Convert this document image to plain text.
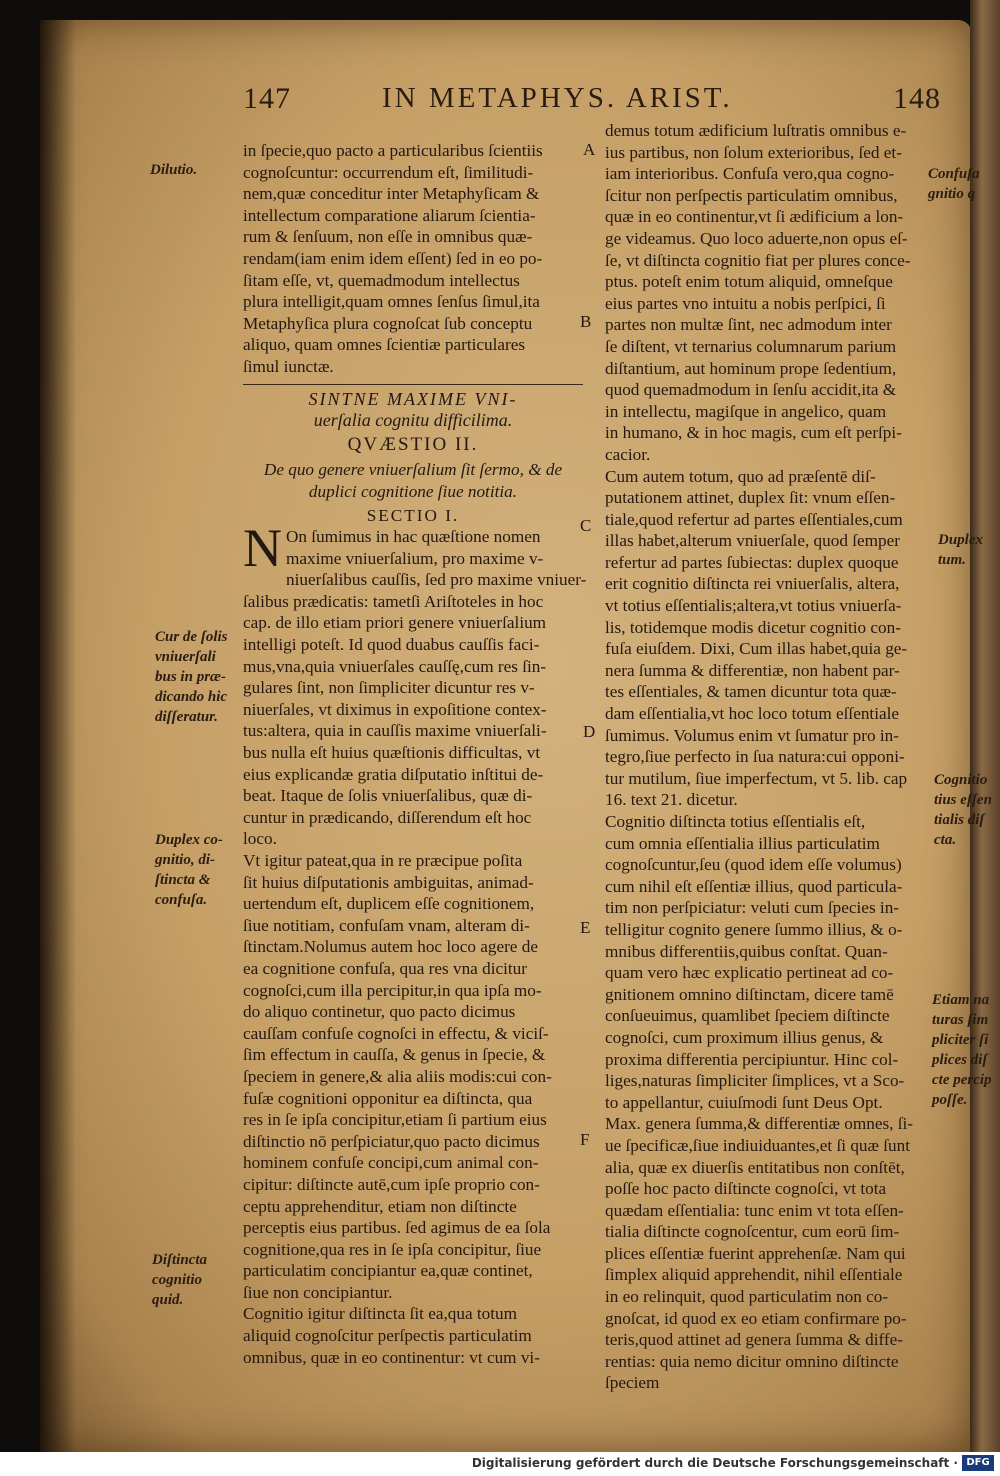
147	IN METAPHYS. ARIST.	148
in ſpecie,quo pacto a particularibus ſcientiis
cognoſcuntur: occurrendum eſt, ſimilitudi-
nem,quæ conceditur inter Metaphyſicam &
intellectum comparatione aliarum ſcientia-
rum & ſenſuum, non eſſe in omnibus quæ-
rendam(iam enim idem eſſent) ſed in eo po-
ſitam eſſe, vt, quemadmodum intellectus
plura intelligit,quam omnes ſenſus ſimul,ita
Metaphyſica plura cognoſcat ſub conceptu
aliquo, quam omnes ſcientiæ particulares
ſimul iunctæ.
SINTNE MAXIME VNI-
uerſalia cognitu difficilima.
QVÆSTIO II.
De quo genere vniuerſalium ſit ſermo, & de
duplici cognitione ſiue notitia.
SECTIO I.
N On ſumimus in hac quæſtione nomen
maxime vniuerſalium, pro maxime v-
niuerſalibus cauſſis, ſed pro maxime vniuer-
ſalibus prædicatis: tametſi Ariſtoteles in hoc
cap. de illo etiam priori genere vniuerſalium
intelligi poteſt. Id quod duabus cauſſis faci-
mus,vna,quia vniuerſales cauſſę,cum res ſin-
gulares ſint, non ſimpliciter dicuntur res v-
niuerſales, vt diximus in expoſitione contex-
tus:altera, quia in cauſſis maxime vniuerſali-
bus nulla eſt huius quæſtionis difficultas, vt
eius explicandæ gratia diſputatio inſtitui de-
beat. Itaque de ſolis vniuerſalibus, quæ di-
cuntur in prædicando, diſſerendum eſt hoc
loco.
Vt igitur pateat,qua in re præcipue poſita
ſit huius diſputationis ambiguitas, animad-
uertendum eſt, duplicem eſſe cognitionem,
ſiue notitiam, confuſam vnam, alteram di-
ſtinctam.Nolumus autem hoc loco agere de
ea cognitione confuſa, qua res vna dicitur
cognoſci,cum illa percipitur,in qua ipſa mo-
do aliquo continetur, quo pacto dicimus
cauſſam confuſe cognoſci in effectu, & viciſ-
ſim effectum in cauſſa, & genus in ſpecie, &
ſpeciem in genere,& alia aliis modis:cui con-
fuſæ cognitioni opponitur ea diſtincta, qua
res in ſe ipſa concipitur,etiam ſi partium eius
diſtinctio nō perſpiciatur,quo pacto dicimus
hominem confuſe concipi,cum animal con-
cipitur: diſtincte autē,cum ipſe proprio con-
ceptu apprehenditur, etiam non diſtincte
perceptis eius partibus. ſed agimus de ea ſola
cognitione,qua res in ſe ipſa concipitur, ſiue
particulatim concipiantur ea,quæ continet,
ſiue non concipiantur.
Cognitio igitur diſtincta ſit ea,qua totum
aliquid cognoſcitur perſpectis particulatim
omnibus, quæ in eo continentur: vt cum vi-
demus totum ædificium luſtratis omnibus e-
ius partibus, non ſolum exterioribus, ſed et-
iam interioribus. Confuſa vero,qua cogno-
ſcitur non perſpectis particulatim omnibus,
quæ in eo continentur,vt ſi ædificium a lon-
ge videamus. Quo loco aduerte,non opus eſ-
ſe, vt diſtincta cognitio fiat per plures conce-
ptus. poteſt enim totum aliquid, omneſque
eius partes vno intuitu a nobis perſpici, ſi
partes non multæ ſint, nec admodum inter
ſe diſtent, vt ternarius columnarum parium
diſtantium, aut hominum prope ſedentium,
quod quemadmodum in ſenſu accidit,ita &
in intellectu, magiſque in angelico, quam
in humano, & in hoc magis, cum eſt perſpi-
cacior.
Cum autem totum, quo ad præſentē diſ-
putationem attinet, duplex ſit: vnum eſſen-
tiale,quod refertur ad partes eſſentiales,cum
illas habet,alterum vniuerſale, quod ſemper
refertur ad partes ſubiectas: duplex quoque
erit cognitio diſtincta rei vniuerſalis, altera,
vt totius eſſentialis;altera,vt totius vniuerſa-
lis, totidemque modis dicetur cognitio con-
fuſa eiuſdem. Dixi, Cum illas habet,quia ge-
nera ſumma & differentiæ, non habent par-
tes eſſentiales, & tamen dicuntur tota quæ-
dam eſſentialia,vt hoc loco totum eſſentiale
ſumimus. Volumus enim vt ſumatur pro in-
tegro,ſiue perfecto in ſua natura:cui opponi-
tur mutilum, ſiue imperfectum, vt 5. lib. cap
16. text 21. dicetur.
Cognitio diſtincta totius eſſentialis eſt,
cum omnia eſſentialia illius particulatim
cognoſcuntur,ſeu (quod idem eſſe volumus)
cum nihil eſt eſſentiæ illius, quod particula-
tim non perſpiciatur: veluti cum ſpecies in-
telligitur cognito genere ſummo illius, & o-
mnibus differentiis,quibus conſtat. Quan-
quam vero hæc explicatio pertineat ad co-
gnitionem omnino diſtinctam, dicere tamē
conſueuimus, quamlibet ſpeciem diſtincte
cognoſci, cum proximum illius genus, &
proxima differentia percipiuntur. Hinc col-
liges,naturas ſimpliciter ſimplices, vt a Sco-
to appellantur, cuiuſmodi ſunt Deus Opt.
Max. genera ſumma,& differentiæ omnes, ſi-
ue ſpecificæ,ſiue indiuiduantes,et ſi quæ ſunt
alia, quæ ex diuerſis entitatibus non conſtēt,
poſſe hoc pacto diſtincte cognoſci, vt tota
quædam eſſentialia: tunc enim vt tota eſſen-
tialia diſtincte cognoſcentur, cum eorū ſim-
plices eſſentiæ fuerint apprehenſæ. Nam qui
ſimplex aliquid apprehendit, nihil eſſentiale
in eo relinquit, quod particulatim non co-
gnoſcat, id quod ex eo etiam confirmare po-
teris,quod attinet ad genera ſumma & diffe-
rentias: quia nemo dicitur omnino diſtincte
ſpeciem
A
B
C
D
E
F
Dilutio.
Cur de ſolis
vniuerſali
bus in præ-
dicando hic
diſſeratur.
Duplex co-
gnitio, di-
ſtincta &
confuſa.
Diſtincta
cognitio
quid.
Confuſa
gnitio q
Duplex
tum.
Cognitio
tius eſſen
tialis diſ
cta.
Etiam na
turas ſim
pliciter ſi
plices diſ
cte percip
poſſe.
Digitalisierung gefördert durch die Deutsche Forschungsgemeinschaft · DFG
